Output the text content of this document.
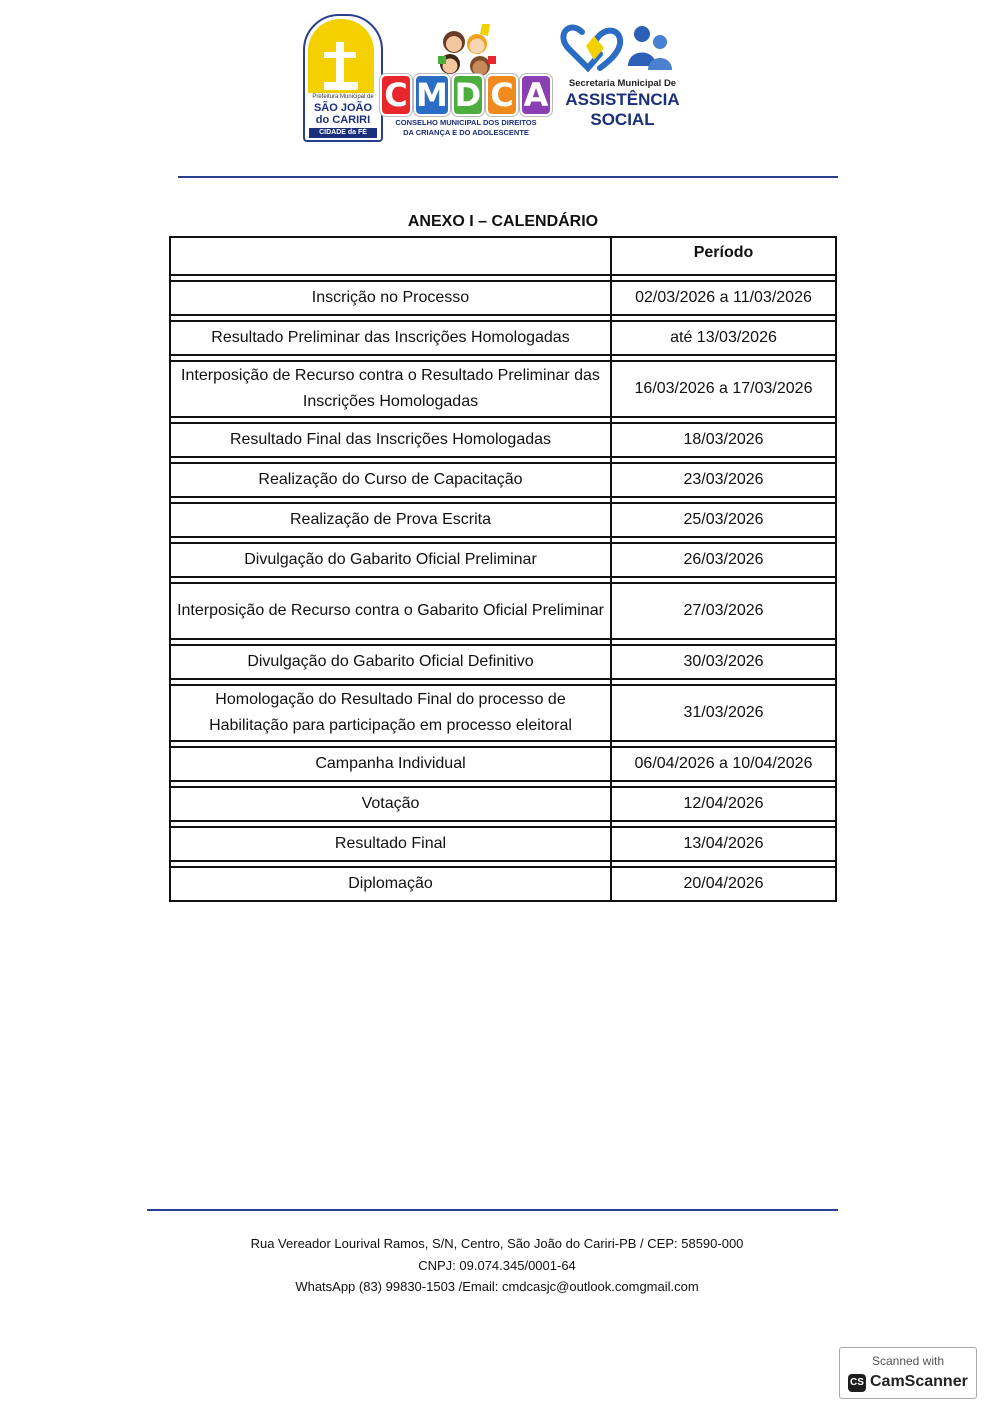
Prefeitura Municipal de
SÃO JOÃO
do CARIRI
CIDADE da FÉ
C M D C A
CONSELHO MUNICIPAL DOS DIREITOS
DA CRIANÇA E DO ADOLESCENTE
Secretaria Municipal De
ASSISTÊNCIA
SOCIAL
ANEXO I – CALENDÁRIO
	Período

Inscrição no Processo	02/03/2026 a 11/03/2026

Resultado Preliminar das Inscrições Homologadas	até 13/03/2026

Interposição de Recurso contra o Resultado Preliminar das Inscrições Homologadas	16/03/2026 a 17/03/2026

Resultado Final das Inscrições Homologadas	18/03/2026

Realização do Curso de Capacitação	23/03/2026

Realização de Prova Escrita	25/03/2026

Divulgação do Gabarito Oficial Preliminar	26/03/2026

Interposição de Recurso contra o Gabarito Oficial Preliminar	27/03/2026

Divulgação do Gabarito Oficial Definitivo	30/03/2026

Homologação do Resultado Final do processo de Habilitação para participação em processo eleitoral	31/03/2026

Campanha Individual	06/04/2026 a 10/04/2026

Votação	12/04/2026

Resultado Final	13/04/2026

Diplomação	20/04/2026
Rua Vereador Lourival Ramos, S/N, Centro, São João do Cariri-PB / CEP: 58590-000
CNPJ: 09.074.345/0001-64
WhatsApp (83) 99830-1503 /Email: cmdcasjc@outlook.comgmail.com
Scanned with
CS CamScanner
